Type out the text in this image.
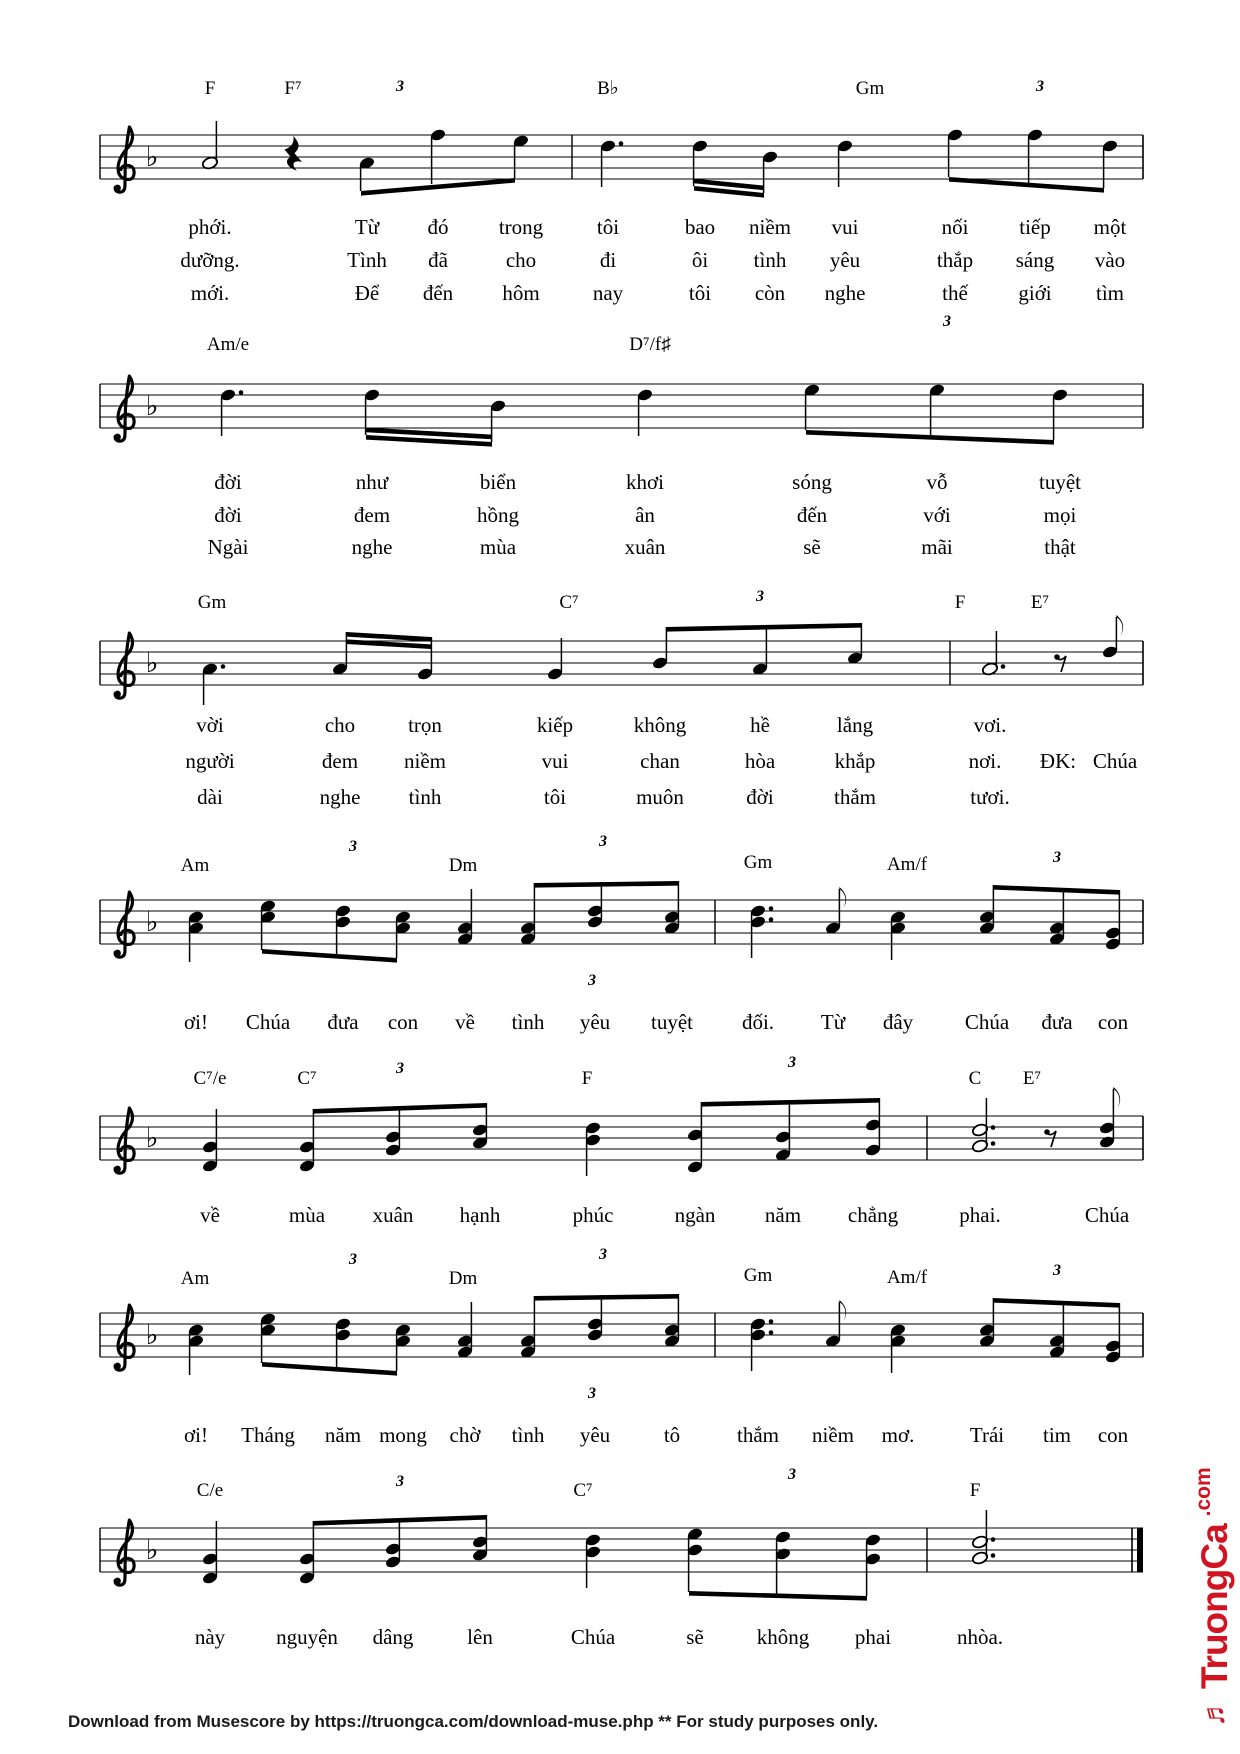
♭
F	F⁷	B♭	Gm
3	3
phới.	Từ đó trong	tôi	bao niềm vui	nối tiếp một
dưỡng.	Tình đã	cho	đi	ôi tình yêu	thắp sáng vào
mới.	Để đến hôm	nay	tôi còn nghe	thế giới tìm
♭
Am/e	D⁷/f♯
3
đời	như	biển	khơi	sóng	vỗ	tuyệt
đời	đem	hồng	ân	đến	với	mọi
Ngài	nghe	mùa	xuân	sẽ	mãi	thật
♭
Gm	C⁷	F	E⁷
3
vời	cho	trọn	kiếp	không	hề	lắng	vơi.
người	đem niềm	vui	chan	hòa	khắp	nơi. ĐK: Chúa
dài	nghe tình	tôi	muôn	đời	thắm	tươi.
♭
Am	Dm	Gm	Am/f
3	3
3
3
ơi! Chúa đưa con về tình yêu tuyệt đối. Từ đây Chúa đưa con
♭
C⁷/e	C⁷	F	C E⁷
3	3
về	mùa xuân hạnh	phúc	ngàn năm chẳng	phai.	Chúa
♭
Am	Dm	Gm	Am/f
3	3
3
3
ơi! Tháng năm mong chờ tình yêu	tô	thắm niềm mơ.	Trái tim con
♭
C/e	C⁷	F
3	3
này nguyện dâng	lên	Chúa	sẽ	không phai	nhòa.
Download from Musescore by https://truongca.com/download-muse.php ** For study purposes only.	♬
TruongCa
.com
